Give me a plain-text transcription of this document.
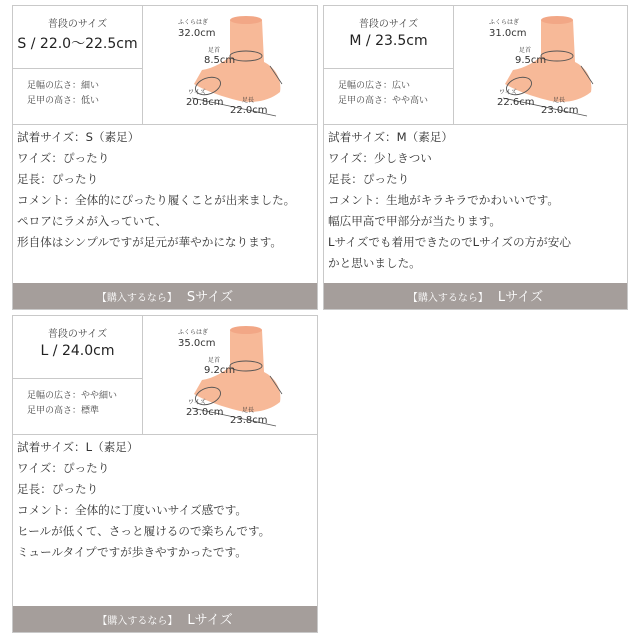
普段のサイズ
S / 22.0〜22.5cm
足幅の広さ：細い
足甲の高さ：低い
ふくらはぎ
32.0cm
足首
8.5cm
ワイズ
20.8cm	足長
22.0cm
試着サイズ：S（素足）
ワイズ：ぴったり
足長：ぴったり
コメント：全体的にぴったり履くことが出来ました。
ペロアにラメが入っていて、
形自体はシンプルですが足元が華やかになります。
【購入するなら】 Sサイズ
普段のサイズ
M / 23.5cm
足幅の広さ：広い
足甲の高さ：やや高い
ふくらはぎ
31.0cm
足首
9.5cm
ワイズ
22.6cm	足長
23.0cm
試着サイズ：M（素足）
ワイズ：少しきつい
足長：ぴったり
コメント：生地がキラキラでかわいいです。
幅広甲高で甲部分が当たります。
Lサイズでも着用できたのでLサイズの方が安心
かと思いました。
【購入するなら】 Lサイズ
普段のサイズ
L / 24.0cm
足幅の広さ：やや細い
足甲の高さ：標準
ふくらはぎ
35.0cm
足首
9.2cm
ワイズ
23.0cm	足長
23.8cm
試着サイズ：L（素足）
ワイズ：ぴったり
足長：ぴったり
コメント：全体的に丁度いいサイズ感です。
ヒールが低くて、さっと履けるので楽ちんです。
ミュールタイプですが歩きやすかったです。
【購入するなら】 Lサイズ
